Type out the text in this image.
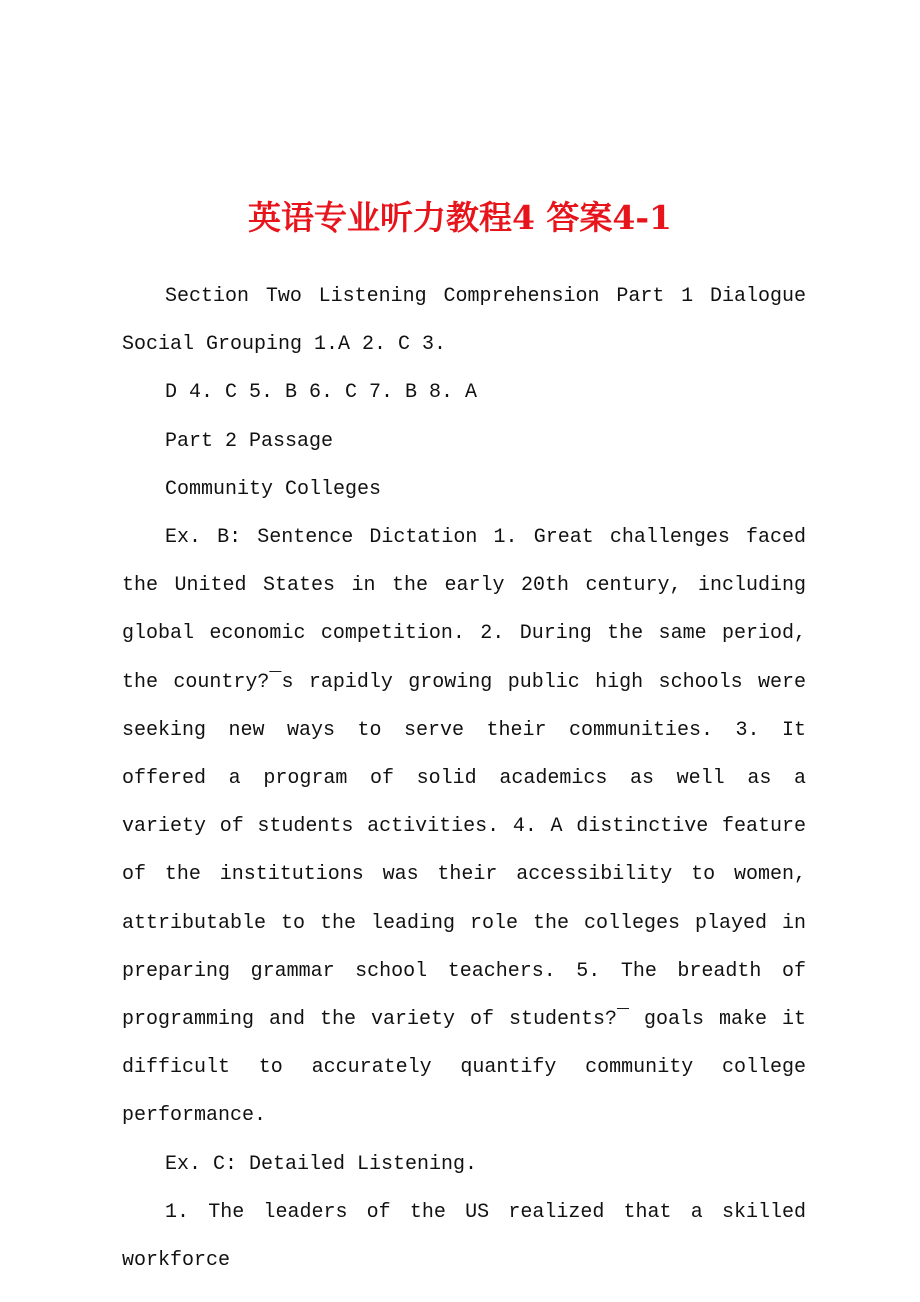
英语专业听力教程4 答案4-1

Section Two Listening Comprehension Part 1 Dialogue Social Grouping 1.A 2. C 3.

D 4. C 5. B 6. C 7. B 8. A

Part 2 Passage

Community Colleges

Ex. B: Sentence Dictation 1. Great challenges faced the United States in the early 20th century, including global economic competition. 2. During the same period, the country?¯s rapidly growing public high schools were seeking new ways to serve their communities. 3. It offered a program of solid academics as well as a variety of students activities. 4. A distinctive feature of the institutions was their accessibility to women, attributable to the leading role the colleges played in preparing grammar school teachers. 5. The breadth of programming and the variety of students?¯ goals make it difficult to accurately quantify community college performance.

Ex. C: Detailed Listening.

1. The leaders of the US realized that a skilled workforce
